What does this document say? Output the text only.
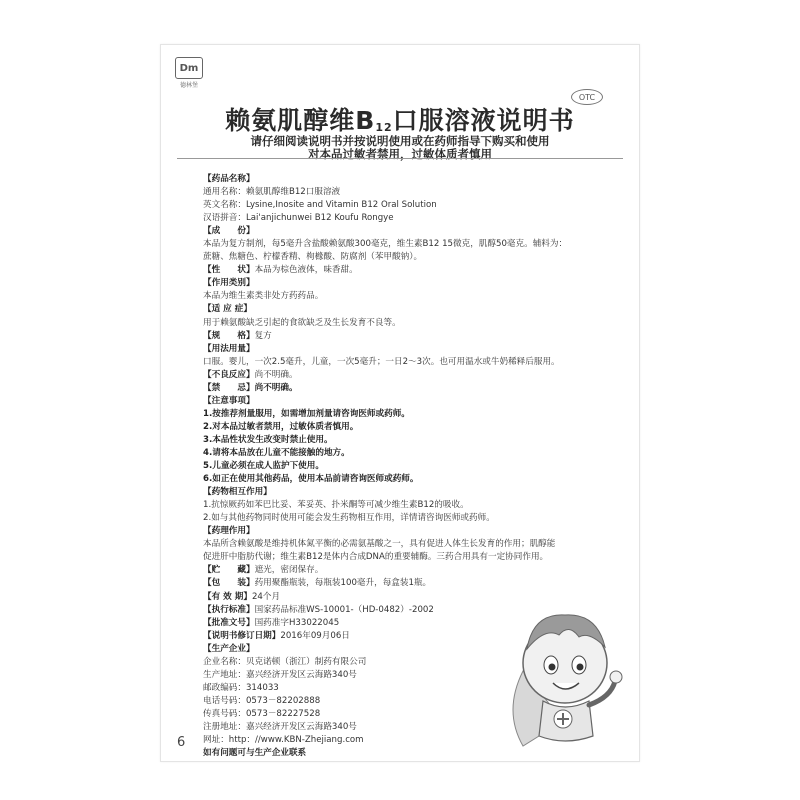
Dm
德林堡
OTC
赖氨肌醇维$B_{12}$口服溶液说明书
请仔细阅读说明书并按说明使用或在药师指导下购买和使用
对本品过敏者禁用，过敏体质者慎用
【药品名称】
通用名称：赖氨肌醇维B12口服溶液
英文名称：Lysine,Inosite and Vitamin B12 Oral Solution
汉语拼音：Lai'anjichunwei B12 Koufu Rongye
【成　　份】
本品为复方制剂，每5毫升含盐酸赖氨酸300毫克，维生素B12 15微克，肌醇50毫克。辅料为：
蔗糖、焦糖色、柠檬香精、枸橼酸、防腐剂（苯甲酸钠）。
【性　　状】本品为棕色液体，味香甜。
【作用类别】
本品为维生素类非处方药药品。
【适 应 症】
用于赖氨酸缺乏引起的食欲缺乏及生长发育不良等。
【规　　格】复方
【用法用量】
口服。婴儿，一次2.5毫升，儿童，一次5毫升；一日2～3次。也可用温水或牛奶稀释后服用。
【不良反应】尚不明确。
【禁　　忌】尚不明确。
【注意事项】
1.按推荐剂量服用，如需增加剂量请咨询医师或药师。
2.对本品过敏者禁用，过敏体质者慎用。
3.本品性状发生改变时禁止使用。
4.请将本品放在儿童不能接触的地方。
5.儿童必须在成人监护下使用。
6.如正在使用其他药品，使用本品前请咨询医师或药师。
【药物相互作用】
1.抗惊厥药如苯巴比妥、苯妥英、扑米酮等可减少维生素B12的吸收。
2.如与其他药物同时使用可能会发生药物相互作用，详情请咨询医师或药师。
【药理作用】
本品所含赖氨酸是维持机体氮平衡的必需氨基酸之一，具有促进人体生长发育的作用；肌醇能
促进肝中脂肪代谢；维生素B12是体内合成DNA的重要辅酶。三药合用具有一定协同作用。
【贮　　藏】遮光，密闭保存。
【包　　装】药用聚酯瓶装，每瓶装100毫升，每盒装1瓶。
【有 效 期】24个月
【执行标准】国家药品标准WS-10001-（HD-0482）-2002
【批准文号】国药准字H33022045
【说明书修订日期】2016年09月06日
【生产企业】
企业名称：贝克诺顿（浙江）制药有限公司
生产地址：嘉兴经济开发区云海路340号
邮政编码：314033
电话号码：0573－82202888
传真号码：0573－82227528
注册地址：嘉兴经济开发区云海路340号
网址：http：//www.KBN-Zhejiang.com
如有问题可与生产企业联系
6
